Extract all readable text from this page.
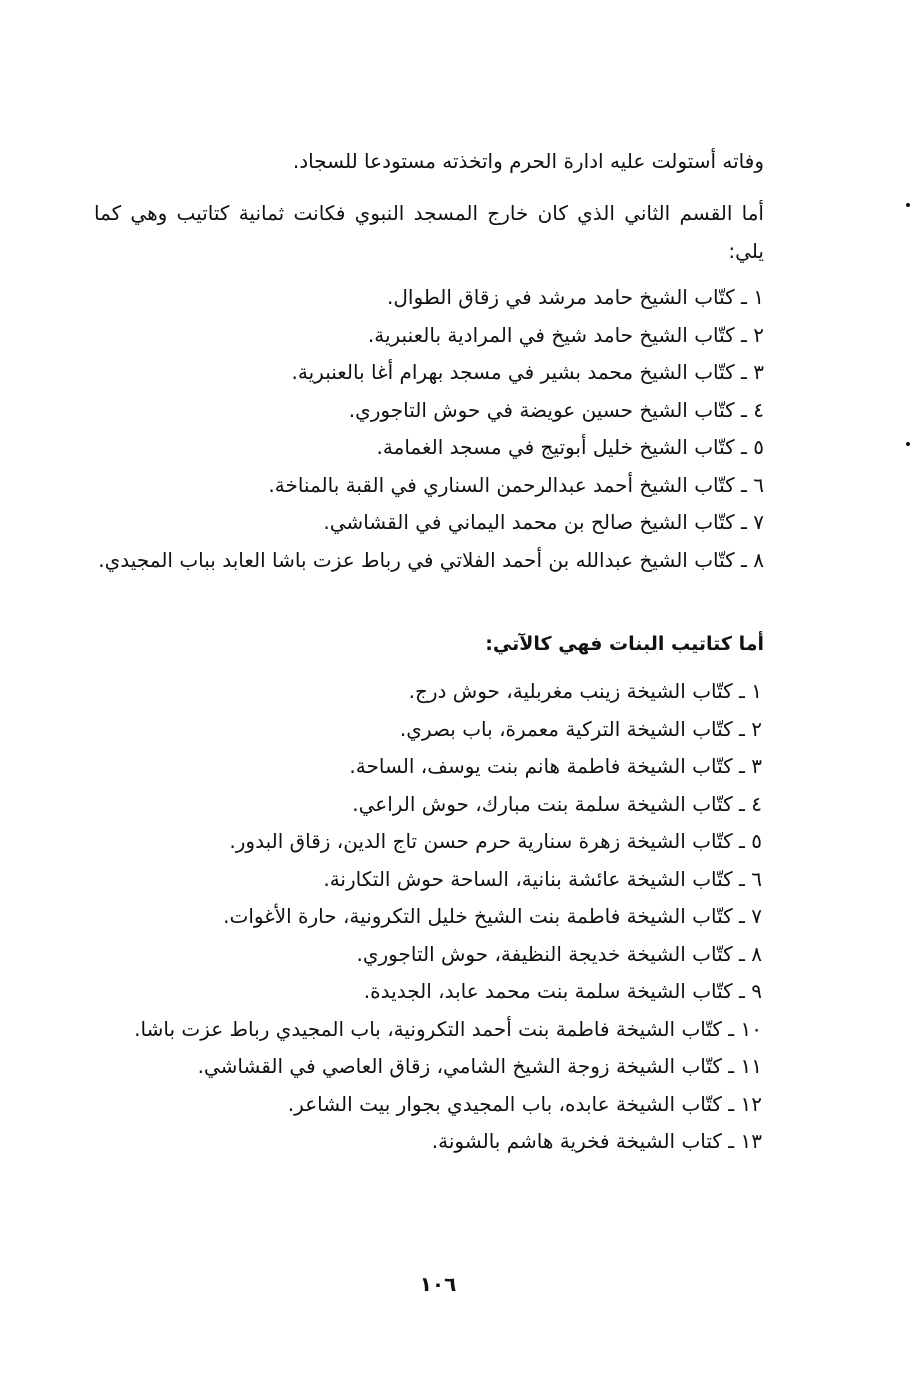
وفاته أستولت عليه ادارة الحرم واتخذته مستودعا للسجاد.
أما القسم الثاني الذي كان خارج المسجد النبوي فكانت ثمانية كتاتيب وهي كما يلي:
١ ـ كتّاب الشيخ حامد مرشد في زقاق الطوال.
٢ ـ كتّاب الشيخ حامد شيخ في المرادية بالعنبرية.
٣ ـ كتّاب الشيخ محمد بشير في مسجد بهرام أغا بالعنبرية.
٤ ـ كتّاب الشيخ حسين عويضة في حوش التاجوري.
٥ ـ كتّاب الشيخ خليل أبوتيج في مسجد الغمامة.
٦ ـ كتّاب الشيخ أحمد عبدالرحمن السناري في القبة بالمناخة.
٧ ـ كتّاب الشيخ صالح بن محمد اليماني في القشاشي.
٨ ـ كتّاب الشيخ عبدالله بن أحمد الفلاتي في رباط عزت باشا العابد بباب المجيدي.
أما كتاتيب البنات فهي كالآتي:
١ ـ كتّاب الشيخة زينب مغربلية، حوش درج.
٢ ـ كتّاب الشيخة التركية معمرة، باب بصري.
٣ ـ كتّاب الشيخة فاطمة هانم بنت يوسف، الساحة.
٤ ـ كتّاب الشيخة سلمة بنت مبارك، حوش الراعي.
٥ ـ كتّاب الشيخة زهرة سنارية حرم حسن تاج الدين، زقاق البدور.
٦ ـ كتّاب الشيخة عائشة بنانية، الساحة حوش التكارنة.
٧ ـ كتّاب الشيخة فاطمة بنت الشيخ خليل التكرونية، حارة الأغوات.
٨ ـ كتّاب الشيخة خديجة النظيفة، حوش التاجوري.
٩ ـ كتّاب الشيخة سلمة بنت محمد عابد، الجديدة.
١٠ ـ كتّاب الشيخة فاطمة بنت أحمد التكرونية، باب المجيدي رباط عزت باشا.
١١ ـ كتّاب الشيخة زوجة الشيخ الشامي، زقاق العاصي في القشاشي.
١٢ ـ كتّاب الشيخة عابده، باب المجيدي بجوار بيت الشاعر.
١٣ ـ كتاب الشيخة فخرية هاشم بالشونة.
١٠٦
